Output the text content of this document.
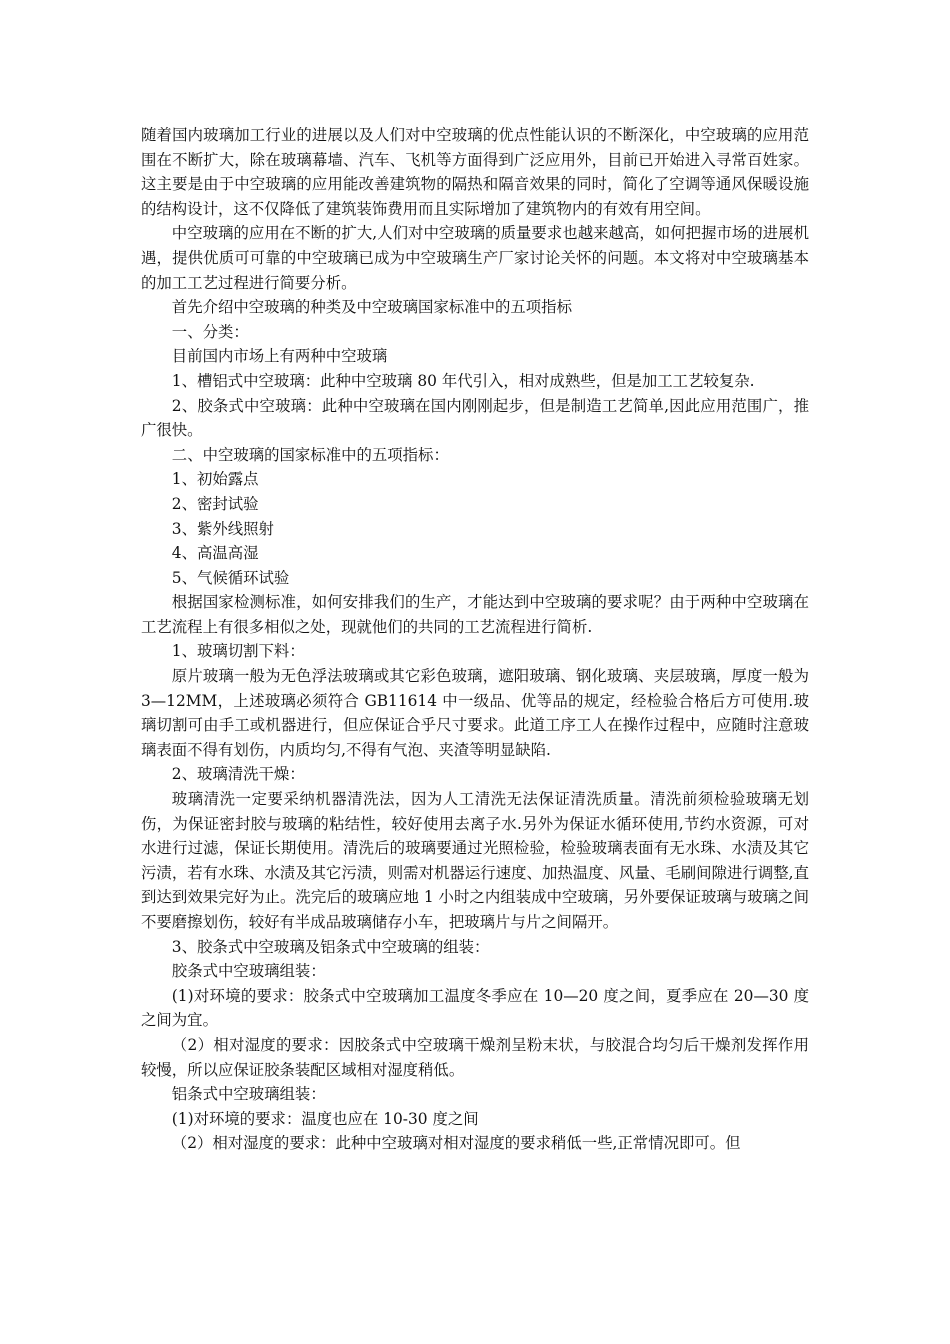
随着国内玻璃加工行业的进展以及人们对中空玻璃的优点性能认识的不断深化，中空玻璃的应用范围在不断扩大，除在玻璃幕墙、汽车、飞机等方面得到广泛应用外，目前已开始进入寻常百姓家。这主要是由于中空玻璃的应用能改善建筑物的隔热和隔音效果的同时，简化了空调等通风保暖设施的结构设计，这不仅降低了建筑装饰费用而且实际增加了建筑物内的有效有用空间。

中空玻璃的应用在不断的扩大,人们对中空玻璃的质量要求也越来越高，如何把握市场的进展机遇，提供优质可可靠的中空玻璃已成为中空玻璃生产厂家讨论关怀的问题。本文将对中空玻璃基本的加工工艺过程进行简要分析。

首先介绍中空玻璃的种类及中空玻璃国家标准中的五项指标

一、分类：

目前国内市场上有两种中空玻璃

1、槽铝式中空玻璃：此种中空玻璃 80 年代引入，相对成熟些，但是加工工艺较复杂.

2、胶条式中空玻璃：此种中空玻璃在国内刚刚起步，但是制造工艺简单,因此应用范围广，推广很快。

二、中空玻璃的国家标准中的五项指标：

1、初始露点

2、密封试验

3、紫外线照射

4、高温高湿

5、气候循环试验

根据国家检测标准，如何安排我们的生产，才能达到中空玻璃的要求呢？由于两种中空玻璃在工艺流程上有很多相似之处，现就他们的共同的工艺流程进行简析.

1、玻璃切割下料：

原片玻璃一般为无色浮法玻璃或其它彩色玻璃，遮阳玻璃、钢化玻璃、夹层玻璃，厚度一般为 3—12MM，上述玻璃必须符合 GB11614 中一级品、优等品的规定，经检验合格后方可使用.玻璃切割可由手工或机器进行，但应保证合乎尺寸要求。此道工序工人在操作过程中，应随时注意玻璃表面不得有划伤，内质均匀,不得有气泡、夹渣等明显缺陷.

2、玻璃清洗干燥：

玻璃清洗一定要采纳机器清洗法，因为人工清洗无法保证清洗质量。清洗前须检验玻璃无划伤，为保证密封胶与玻璃的粘结性，较好使用去离子水.另外为保证水循环使用,节约水资源，可对水进行过滤，保证长期使用。清洗后的玻璃要通过光照检验，检验玻璃表面有无水珠、水渍及其它污渍，若有水珠、水渍及其它污渍，则需对机器运行速度、加热温度、风量、毛刷间隙进行调整,直到达到效果完好为止。洗完后的玻璃应地 1 小时之内组装成中空玻璃，另外要保证玻璃与玻璃之间不要磨擦划伤，较好有半成品玻璃储存小车，把玻璃片与片之间隔开。

3、胶条式中空玻璃及铝条式中空玻璃的组装：

胶条式中空玻璃组装：

(1)对环境的要求：胶条式中空玻璃加工温度冬季应在 10—20 度之间，夏季应在 20—30 度之间为宜。

（2）相对湿度的要求：因胶条式中空玻璃干燥剂呈粉末状，与胶混合均匀后干燥剂发挥作用较慢，所以应保证胶条装配区域相对湿度稍低。

铝条式中空玻璃组装：

(1)对环境的要求：温度也应在 10-30 度之间

（2）相对湿度的要求：此种中空玻璃对相对湿度的要求稍低一些,正常情况即可。但
